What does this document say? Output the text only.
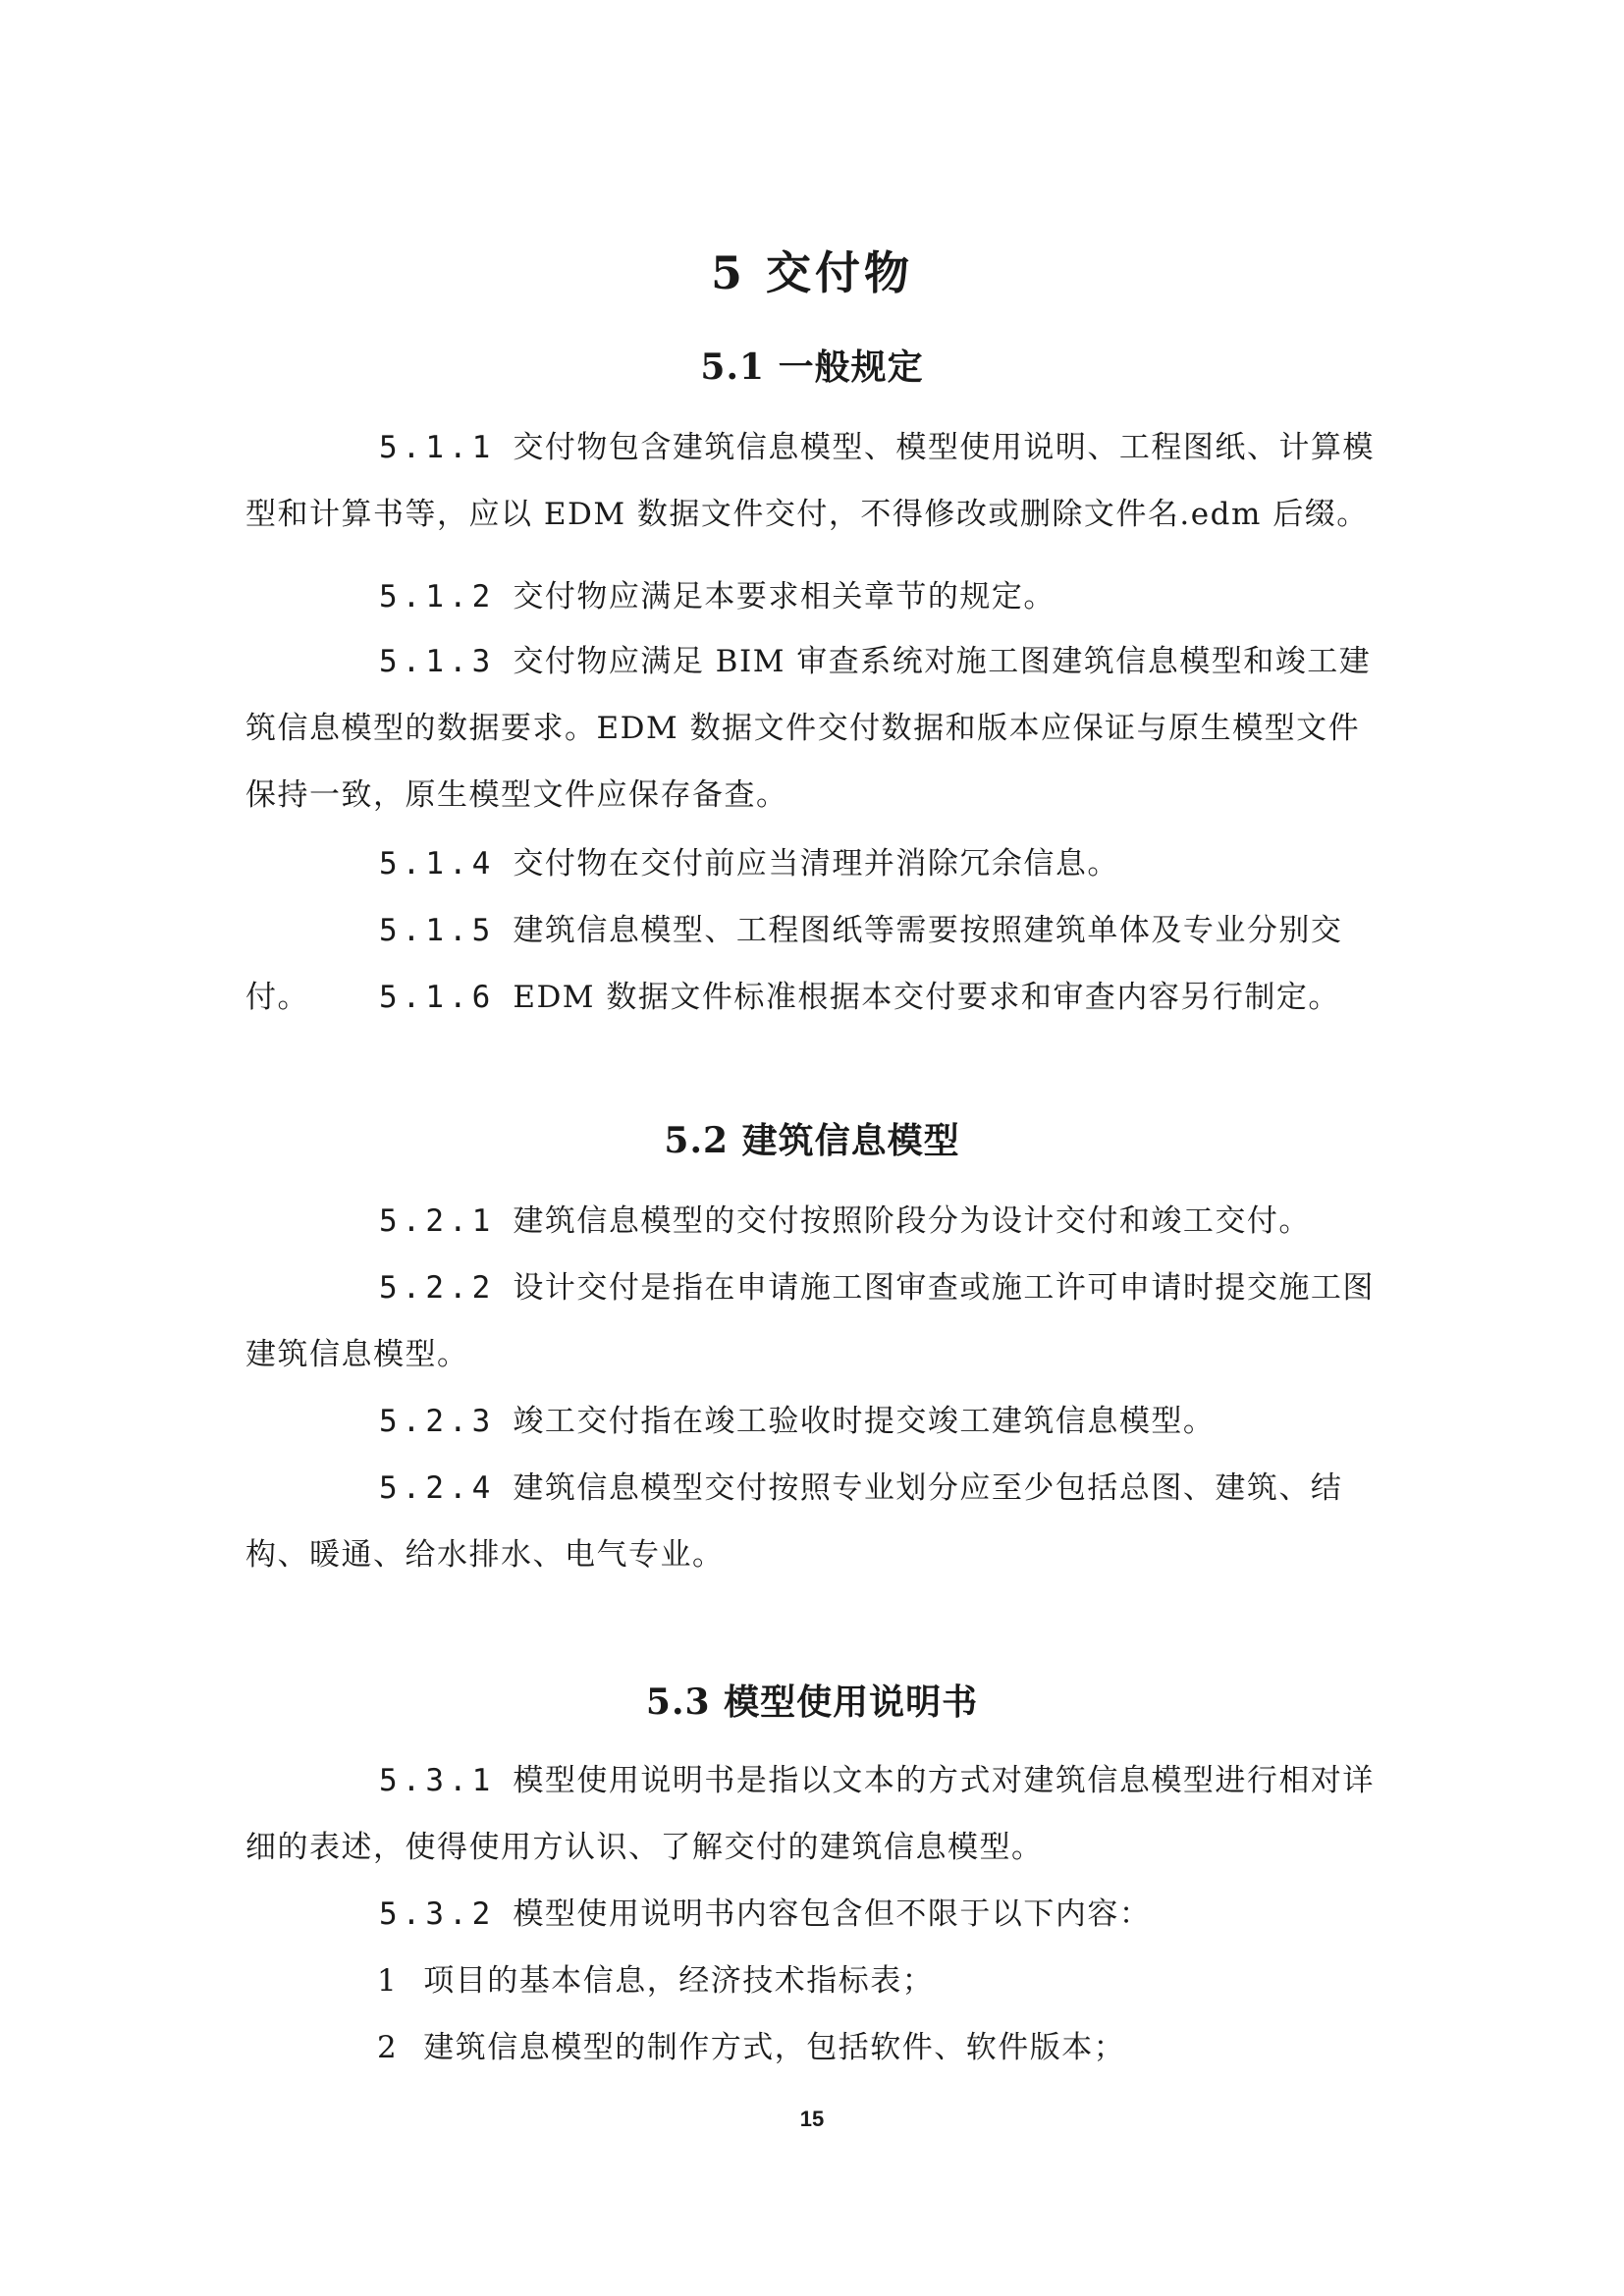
5 交付物
5.1 一般规定
5.1.1 交付物包含建筑信息模型、模型使用说明、工程图纸、计算模型和计算书等，应以 EDM 数据文件交付，不得修改或删除文件名.edm 后缀。
5.1.2 交付物应满足本要求相关章节的规定。
5.1.3 交付物应满足 BIM 审查系统对施工图建筑信息模型和竣工建筑信息模型的数据要求。EDM 数据文件交付数据和版本应保证与原生模型文件保持一致，原生模型文件应保存备查。
5.1.4 交付物在交付前应当清理并消除冗余信息。
5.1.5 建筑信息模型、工程图纸等需要按照建筑单体及专业分别交付。	5.1.6 EDM 数据文件标准根据本交付要求和审查内容另行制定。
5.2 建筑信息模型
5.2.1 建筑信息模型的交付按照阶段分为设计交付和竣工交付。
5.2.2 设计交付是指在申请施工图审查或施工许可申请时提交施工图建筑信息模型。
5.2.3 竣工交付指在竣工验收时提交竣工建筑信息模型。
5.2.4 建筑信息模型交付按照专业划分应至少包括总图、建筑、结构、暖通、给水排水、电气专业。
5.3 模型使用说明书
5.3.1 模型使用说明书是指以文本的方式对建筑信息模型进行相对详细的表述，使得使用方认识、了解交付的建筑信息模型。
5.3.2 模型使用说明书内容包含但不限于以下内容：
1 项目的基本信息，经济技术指标表；
2 建筑信息模型的制作方式，包括软件、软件版本；
15
